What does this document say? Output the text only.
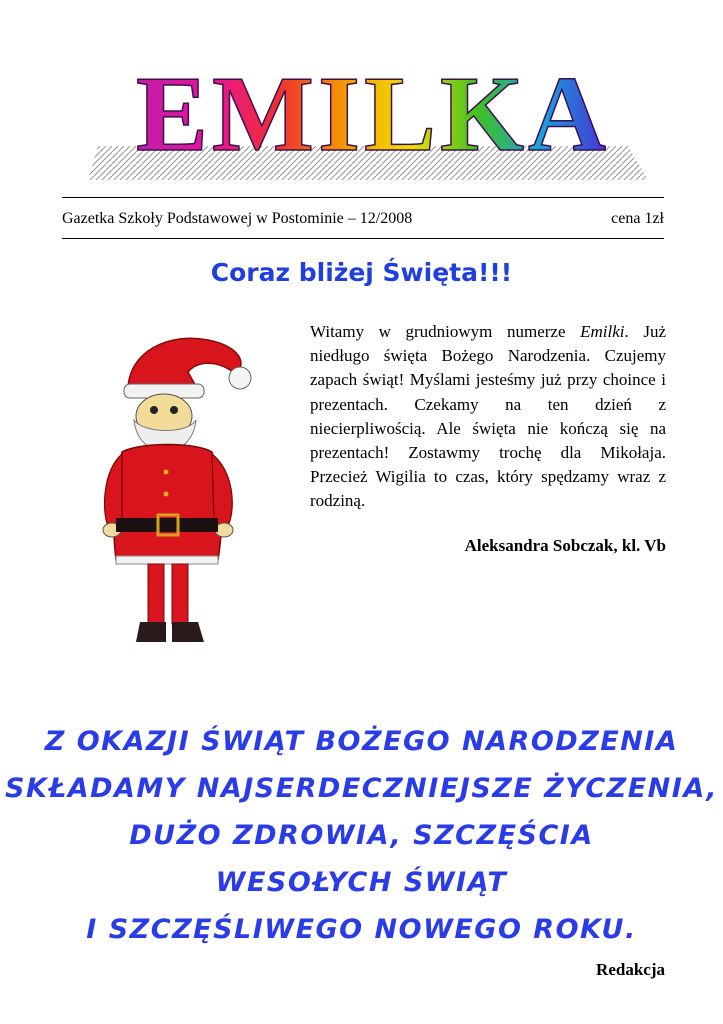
EMILKA
Gazetka Szkoły Podstawowej w Postominie – 12/2008	cena 1zł
Coraz bliżej Święta!!!
Witamy w grudniowym numerze Emilki. Już niedługo święta Bożego Narodzenia. Czujemy zapach świąt! Myślami jesteśmy już przy choince i prezentach. Czekamy na ten dzień z niecierpliwością. Ale święta nie kończą się na prezentach! Zostawmy trochę dla Mikołaja. Przecież Wigilia to czas, który spędzamy wraz z rodziną.
Aleksandra Sobczak, kl. Vb
Z OKAZJI ŚWIĄT BOŻEGO NARODZENIA
SKŁADAMY NAJSERDECZNIEJSZE ŻYCZENIA,
DUŻO ZDROWIA, SZCZĘŚCIA
WESOŁYCH ŚWIĄT
I SZCZĘŚLIWEGO NOWEGO ROKU.
Redakcja
